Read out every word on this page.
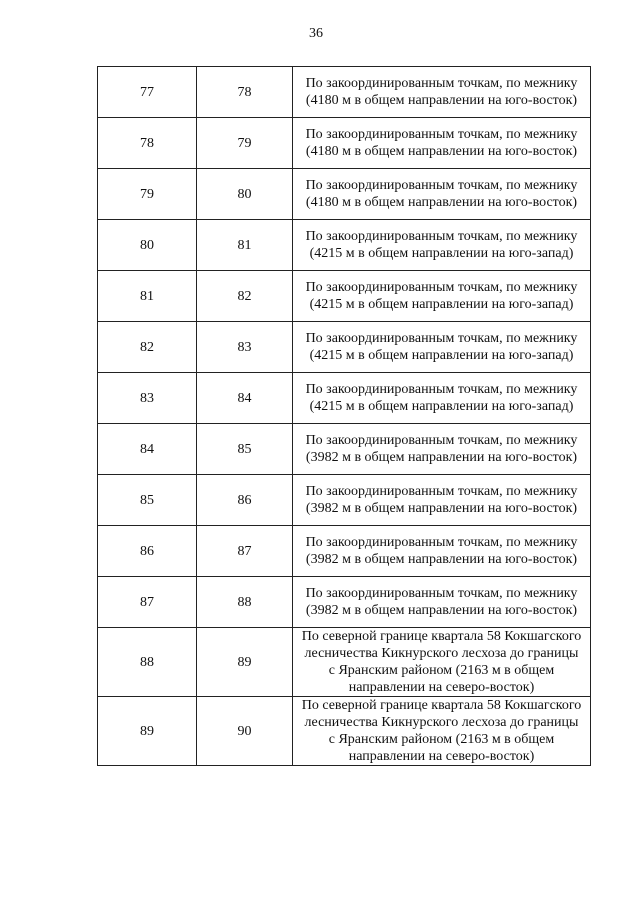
36
77	78	По закоординированным точкам, по межнику
(4180 м в общем направлении на юго-восток)

78	79	По закоординированным точкам, по межнику
(4180 м в общем направлении на юго-восток)

79	80	По закоординированным точкам, по межнику
(4180 м в общем направлении на юго-восток)

80	81	По закоординированным точкам, по межнику
(4215 м в общем направлении на юго-запад)

81	82	По закоординированным точкам, по межнику
(4215 м в общем направлении на юго-запад)

82	83	По закоординированным точкам, по межнику
(4215 м в общем направлении на юго-запад)

83	84	По закоординированным точкам, по межнику
(4215 м в общем направлении на юго-запад)

84	85	По закоординированным точкам, по межнику
(3982 м в общем направлении на юго-восток)

85	86	По закоординированным точкам, по межнику
(3982 м в общем направлении на юго-восток)

86	87	По закоординированным точкам, по межнику
(3982 м в общем направлении на юго-восток)

87	88	По закоординированным точкам, по межнику
(3982 м в общем направлении на юго-восток)

88	89	По северной границе квартала 58 Кокшагского
лесничества Кикнурского лесхоза до границы
с Яранским районом (2163 м в общем
направлении на северо-восток)

89	90	По северной границе квартала 58 Кокшагского
лесничества Кикнурского лесхоза до границы
с Яранским районом (2163 м в общем
направлении на северо-восток)
